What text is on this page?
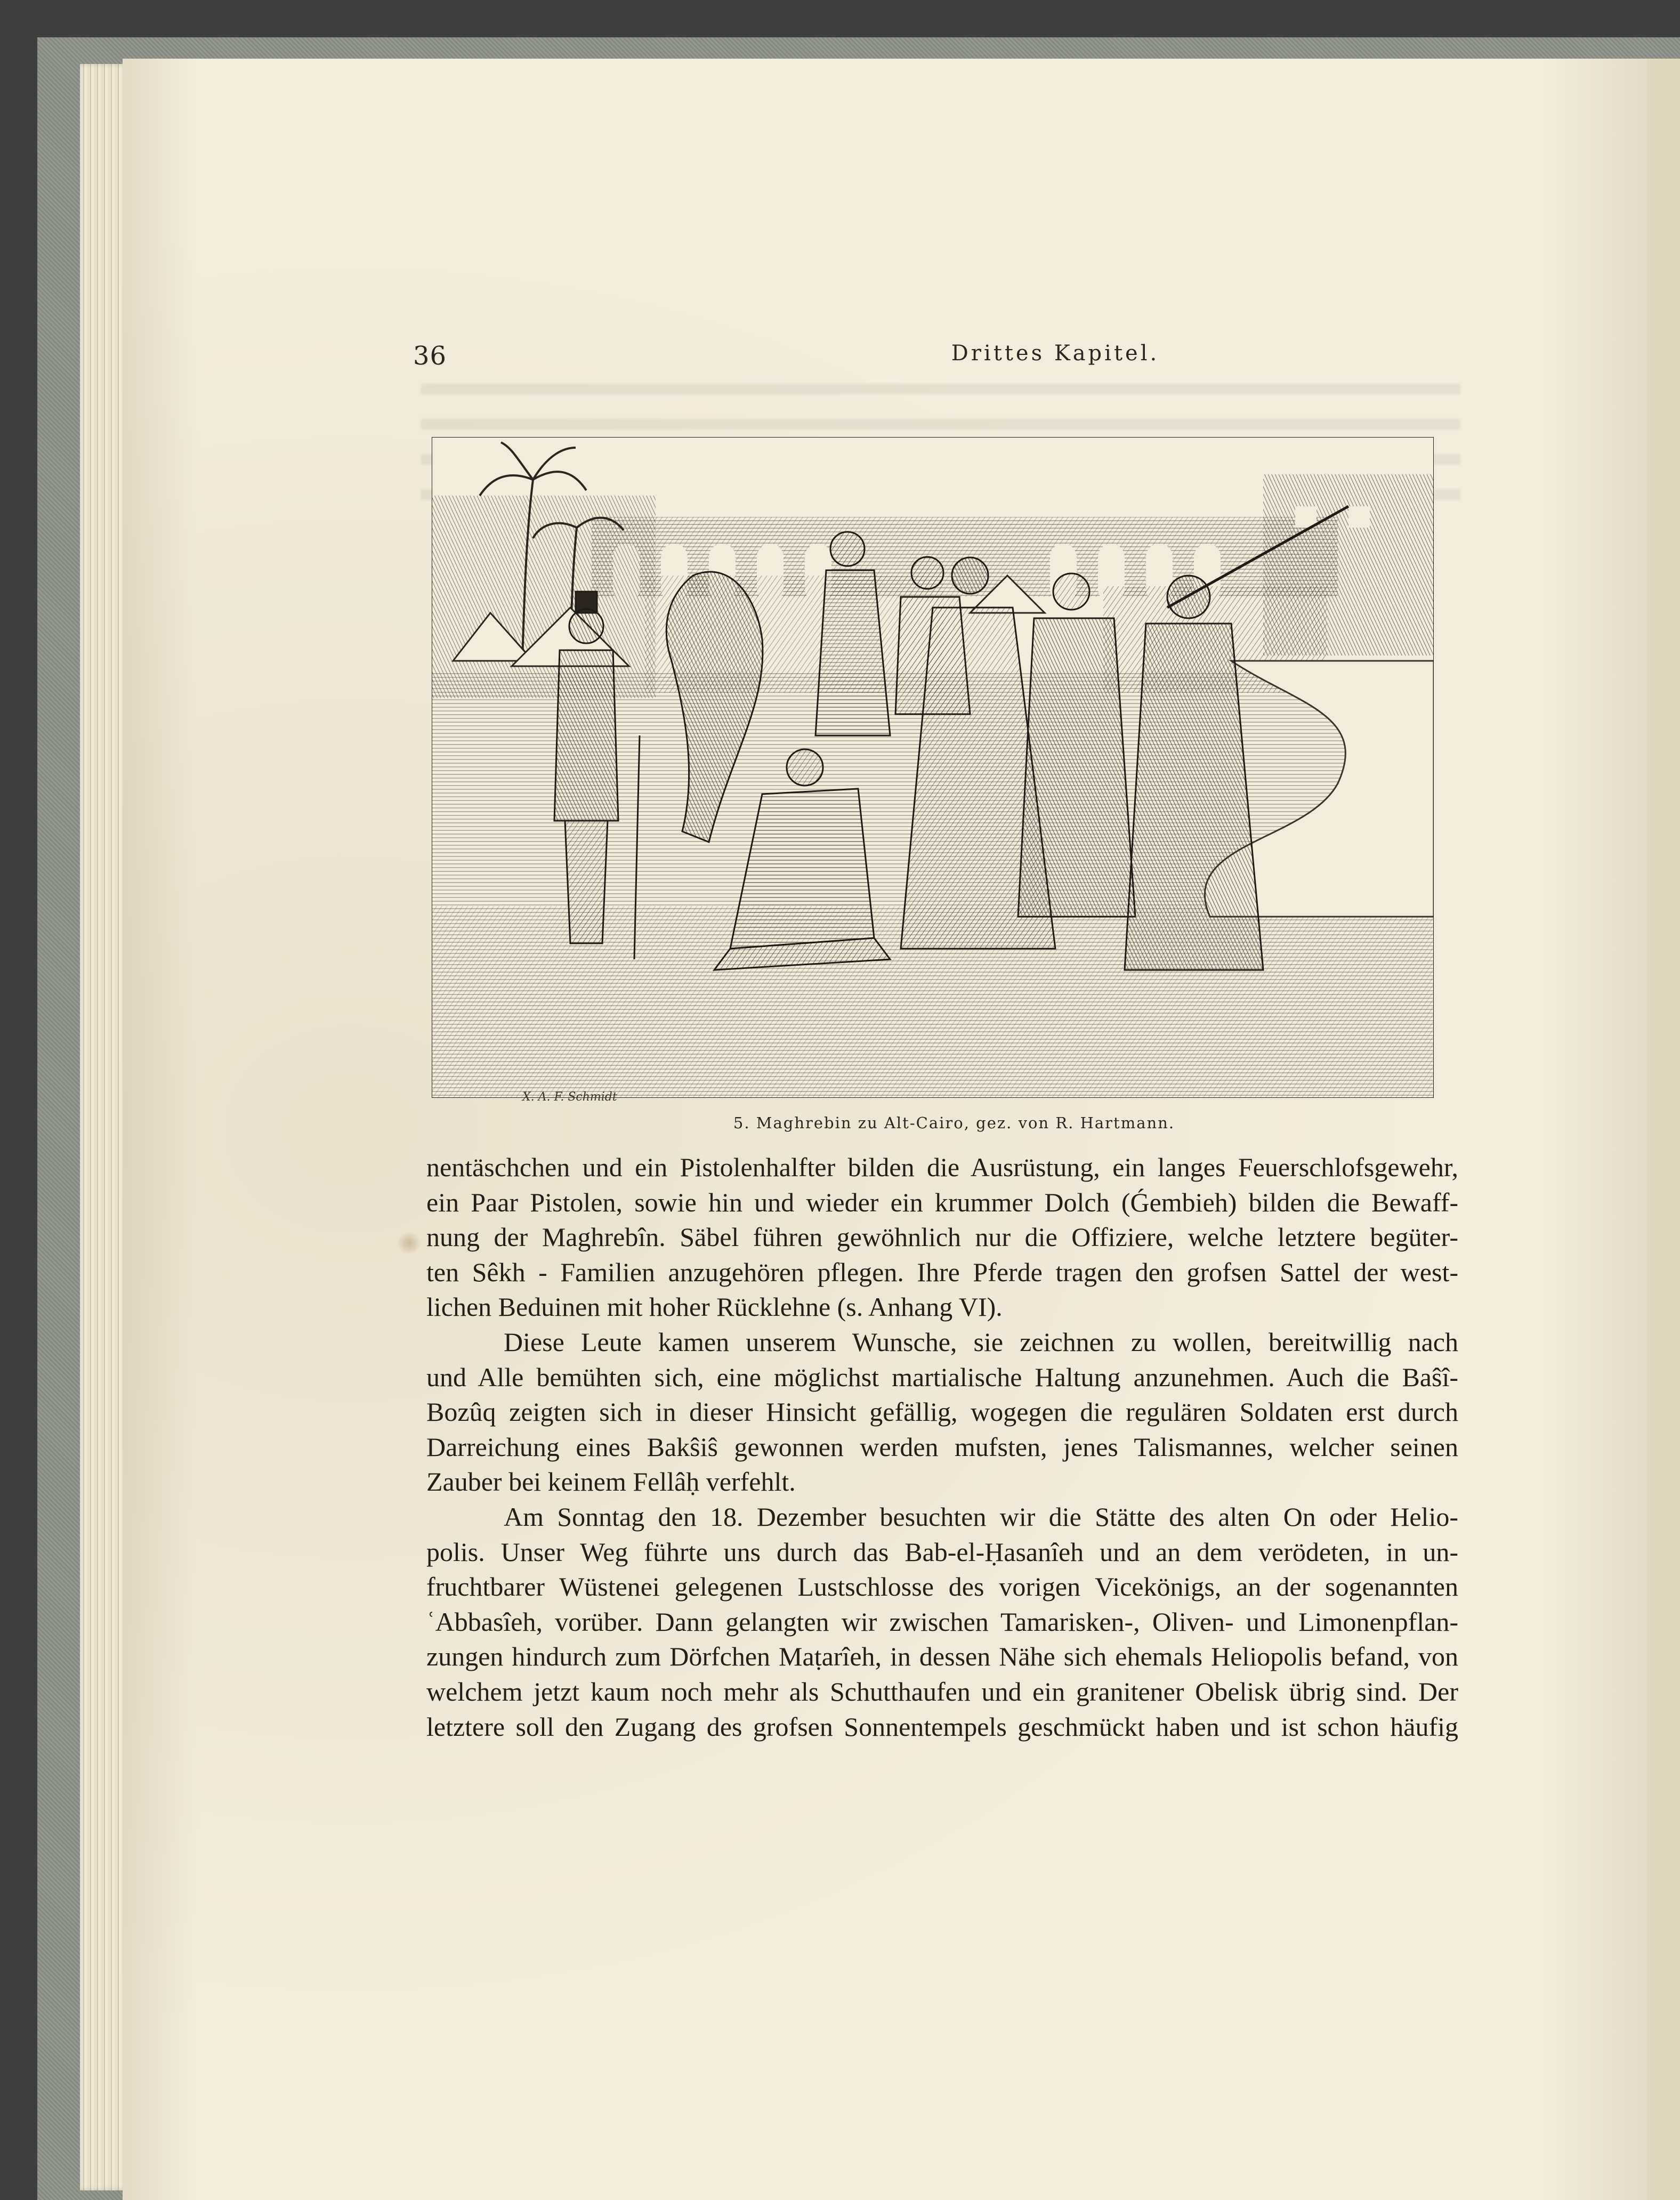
36	Drittes Kapitel.
X. A. F. Schmidt
5. Maghrebin zu Alt-Cairo, gez. von R. Hartmann.
nentäschchen und ein Pistolenhalfter bilden die Ausrüstung, ein langes Feuerschlofsgewehr,
ein Paar Pistolen, sowie hin und wieder ein krummer Dolch (Ǵembieh) bilden die Bewaff-
nung der Maghrebîn. Säbel führen gewöhnlich nur die Offiziere, welche letztere begüter-
ten Sêkh - Familien anzugehören pflegen. Ihre Pferde tragen den grofsen Sattel der west-
lichen Beduinen mit hoher Rücklehne (s. Anhang VI).
Diese Leute kamen unserem Wunsche, sie zeichnen zu wollen, bereitwillig nach
und Alle bemühten sich, eine möglichst martialische Haltung anzunehmen. Auch die Baŝî-
Bozûq zeigten sich in dieser Hinsicht gefällig, wogegen die regulären Soldaten erst durch
Darreichung eines Bakŝiŝ gewonnen werden mufsten, jenes Talismannes, welcher seinen
Zauber bei keinem Fellâḥ verfehlt.
Am Sonntag den 18. Dezember besuchten wir die Stätte des alten On oder Helio-
polis. Unser Weg führte uns durch das Bab-el-Ḥasanîeh und an dem verödeten, in un-
fruchtbarer Wüstenei gelegenen Lustschlosse des vorigen Vicekönigs, an der sogenannten
ʿAbbasîeh, vorüber. Dann gelangten wir zwischen Tamarisken-, Oliven- und Limonenpflan-
zungen hindurch zum Dörfchen Maṭarîeh, in dessen Nähe sich ehemals Heliopolis befand, von
welchem jetzt kaum noch mehr als Schutthaufen und ein granitener Obelisk übrig sind. Der
letztere soll den Zugang des grofsen Sonnentempels geschmückt haben und ist schon häufig
